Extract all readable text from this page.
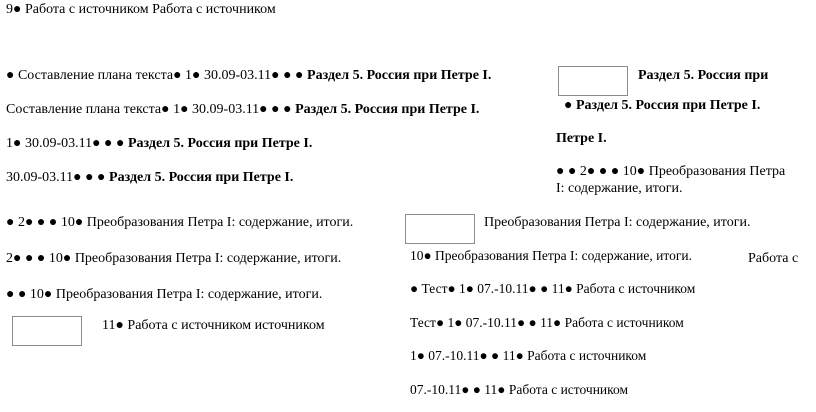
9● Работа с источником Работа с источником
● Составление плана текста● 1● 30.09-03.11● ● ● Раздел 5. Россия при Петре I.
Составление плана текста● 1● 30.09-03.11● ● ● Раздел 5. Россия при Петре I.
1● 30.09-03.11● ● ● Раздел 5. Россия при Петре I.
30.09-03.11● ● ● Раздел 5. Россия при Петре I.
Раздел 5. Россия при
● Раздел 5. Россия при Петре I.
Петре I.
● ● 2● ● ● 10● Преобразования Петра
I: содержание, итоги.
● 2● ● ● 10● Преобразования Петра I: содержание, итоги.
2● ● ● 10● Преобразования Петра I: содержание, итоги.
● ● 10● Преобразования Петра I: содержание, итоги.
11● Работа с источником источником
Преобразования Петра I: содержание, итоги.
10● Преобразования Петра I: содержание, итоги.	Работа с
● Тест● 1● 07.-10.11● ● 11● Работа с источником
Тест● 1● 07.-10.11● ● 11● Работа с источником
1● 07.-10.11● ● 11● Работа с источником
07.-10.11● ● 11● Работа с источником
